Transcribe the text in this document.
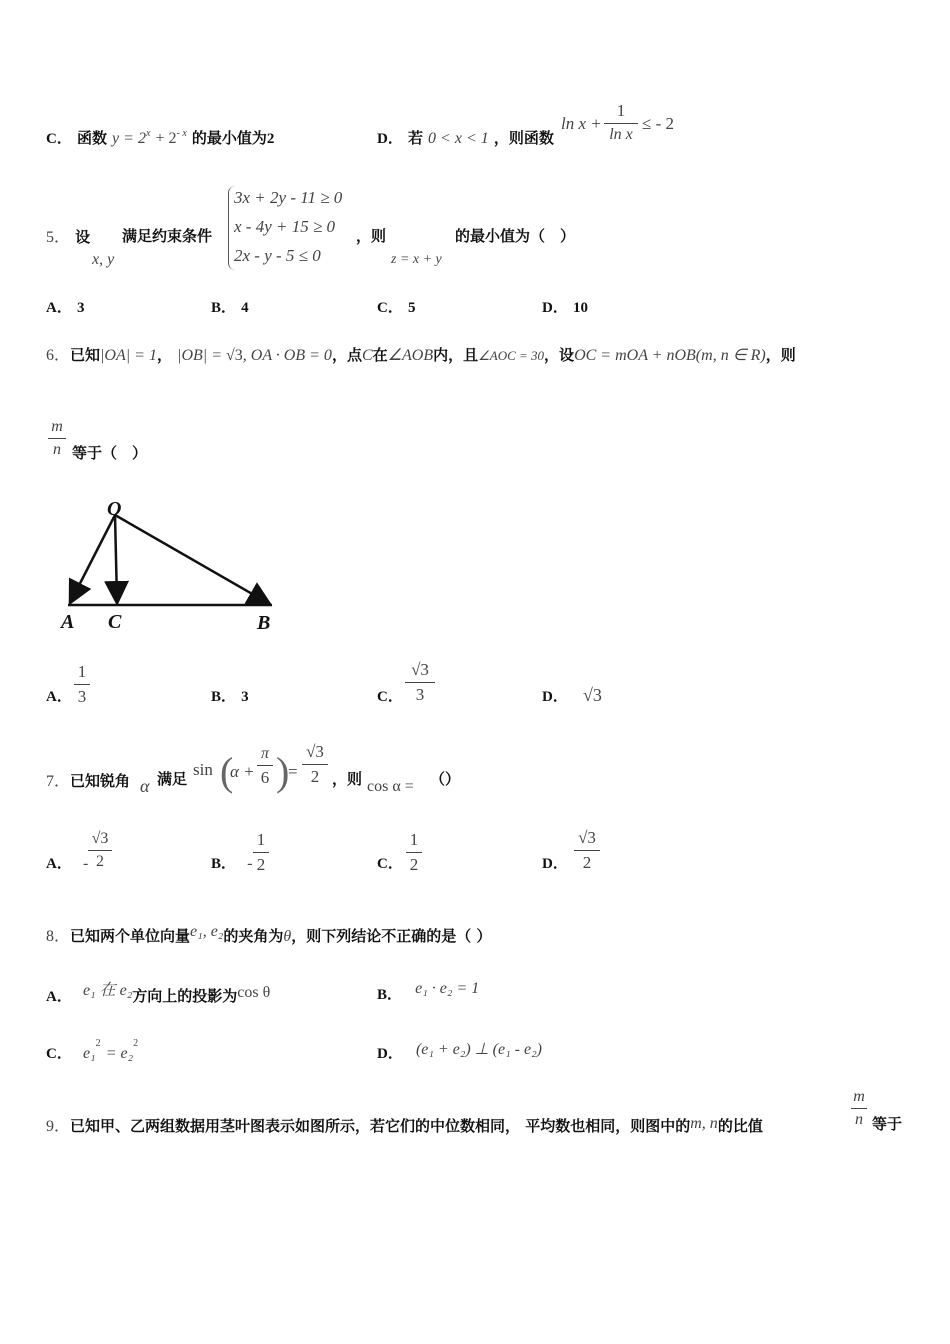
C． 函数 $y = 2^x + 2^{- x}$ 的最小值为2	D． 若 0 < x < 1 ，则函数
ln x +
1
ln x
≤ - 2
5． 设
x, y
满足约束条件
3x + 2y - 11 ≥ 0
x - 4y + 15 ≥ 0
2x - y - 5 ≤ 0
，则
z = x + y
的最小值为（　）
A． 3	B． 4	C． 5	D． 10
6．已知|OA| = 1， |OB| = √3, OA · OB = 0，点C在∠AOB内，且∠AOC = 30，设OC = mOA + nOB(m, n ∈ R)，则
m
n 等于（　）
O
A C	B
A．
1
3	B． 3	C．
√3
3	D． √3
7．已知锐角 α 满足 sin (
α +
π
6 )
=
√3
2 ，则 cos α = （）
A． -
√3
2	B． -
1
2	C．
1
2	D．
√3
2
8．已知两个单位向量e₁, e₂的夹角为θ，则下列结论不正确的是（ ）
A． e₁ 在 e₂方向上的投影为cos θ	B． e₁ · e₂ = 1
C． e₁$^2$ = e₂$^2$
D． (e₁ + e₂) ⊥ (e₁ - e₂)
9．已知甲、乙两组数据用茎叶图表示如图所示，若它们的中位数相同， 平均数也相同，则图中的m, n的比值
m
n 等于
